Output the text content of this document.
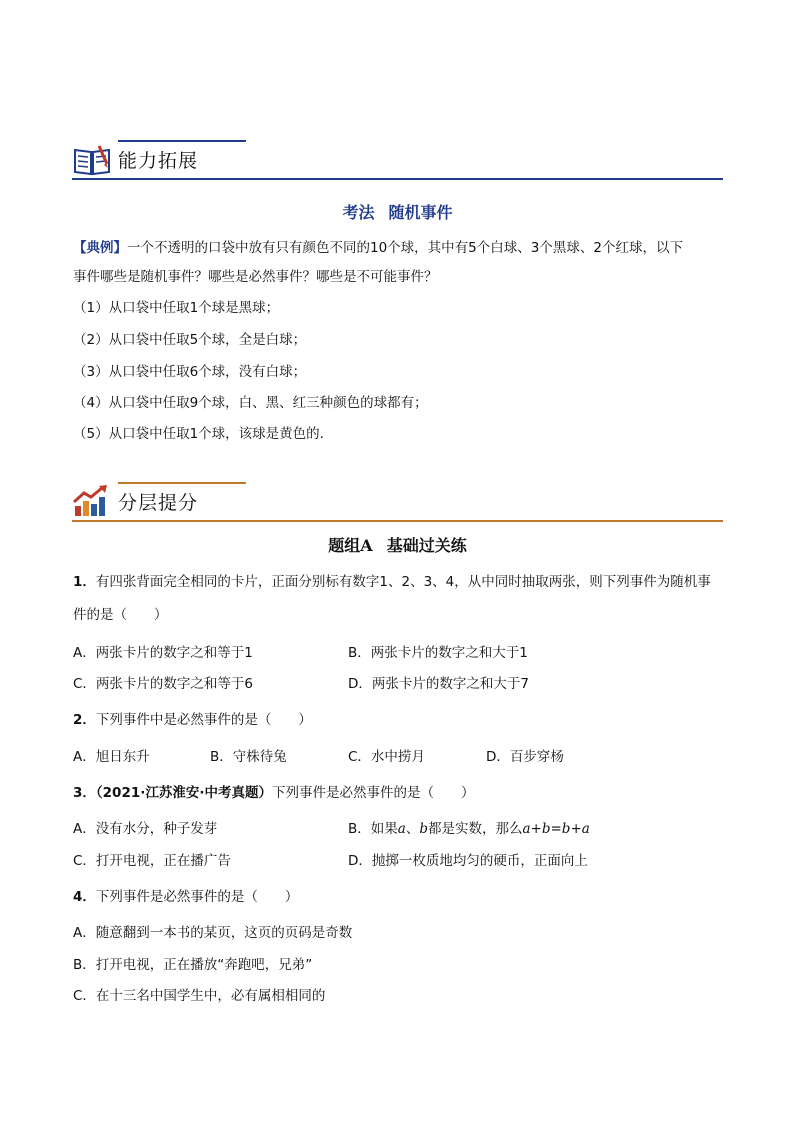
能力拓展
考法 随机事件
【典例】一个不透明的口袋中放有只有颜色不同的10个球，其中有5个白球、3个黑球、2个红球，以下
事件哪些是随机事件？哪些是必然事件？哪些是不可能事件？
（1）从口袋中任取1个球是黑球；
（2）从口袋中任取5个球，全是白球；
（3）从口袋中任取6个球，没有白球；
（4）从口袋中任取9个球，白、黑、红三种颜色的球都有；
（5）从口袋中任取1个球，该球是黄色的.
分层提分
题组A 基础过关练
1．有四张背面完全相同的卡片，正面分别标有数字1、2、3、4，从中同时抽取两张，则下列事件为随机事
件的是（　　）
A．两张卡片的数字之和等于1	B．两张卡片的数字之和大于1
C．两张卡片的数字之和等于6	D．两张卡片的数字之和大于7
2．下列事件中是必然事件的是（　　）
A．旭日东升	B．守株待兔	C．水中捞月	D．百步穿杨
3．（2021·江苏淮安·中考真题）下列事件是必然事件的是（　　）
A．没有水分，种子发芽	B．如果a、b都是实数，那么a+b=b+a
C．打开电视，正在播广告	D．抛掷一枚质地均匀的硬币，正面向上
4．下列事件是必然事件的是（　　）
A．随意翻到一本书的某页，这页的页码是奇数
B．打开电视，正在播放“奔跑吧，兄弟”
C．在十三名中国学生中，必有属相相同的
